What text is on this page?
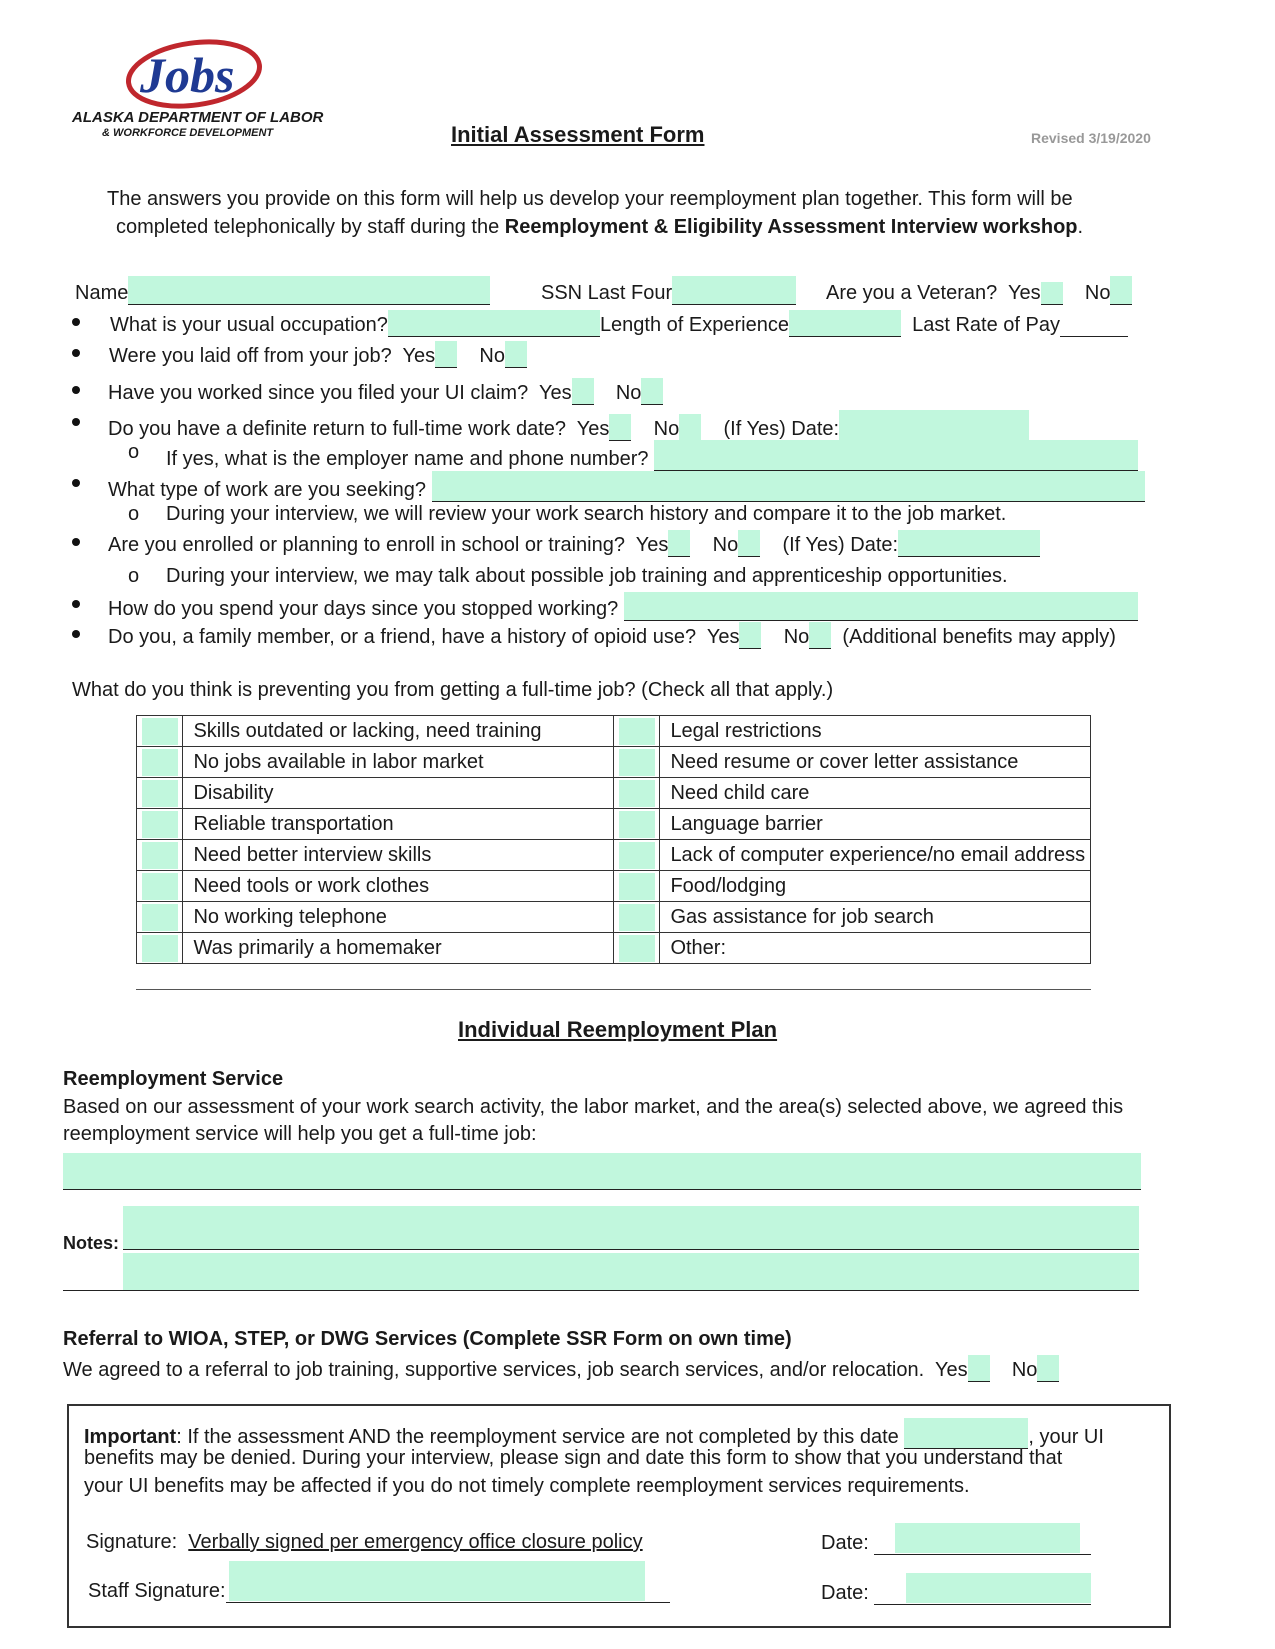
Jobs
ALASKA DEPARTMENT OF LABOR
& WORKFORCE DEVELOPMENT	Initial Assessment Form	Revised 3/19/2020
The answers you provide on this form will help us develop your reemployment plan together. This form will be
completed telephonically by staff during the Reemployment & Eligibility Assessment Interview workshop.
Name	SSN Last Four	Are you a Veteran? Yes No
What is your usual occupation?	Length of Experience	Last Rate of Pay
Were you laid off from your job? Yes No
Have you worked since you filed your UI claim? Yes No
Do you have a definite return to full-time work date? Yes No (If Yes) Date:
o If yes, what is the employer name and phone number?
What type of work are you seeking?
o During your interview, we will review your work search history and compare it to the job market.
Are you enrolled or planning to enroll in school or training? Yes No (If Yes) Date:
o During your interview, we may talk about possible job training and apprenticeship opportunities.
How do you spend your days since you stopped working?
Do you, a family member, or a friend, have a history of opioid use? Yes No (Additional benefits may apply)
What do you think is preventing you from getting a full-time job? (Check all that apply.)
	Skills outdated or lacking, need training		Legal restrictions

	No jobs available in labor market		Need resume or cover letter assistance

	Disability		Need child care

	Reliable transportation		Language barrier

	Need better interview skills		Lack of computer experience/no email address

	Need tools or work clothes		Food/lodging

	No working telephone		Gas assistance for job search

	Was primarily a homemaker		Other:
Individual Reemployment Plan
Reemployment Service
Based on our assessment of your work search activity, the labor market, and the area(s) selected above, we agreed this
reemployment service will help you get a full-time job:
Notes:
Referral to WIOA, STEP, or DWG Services (Complete SSR Form on own time)
We agreed to a referral to job training, supportive services, job search services, and/or relocation. Yes No
Important: If the assessment AND the reemployment service are not completed by this date	, your UI
benefits may be denied. During your interview, please sign and date this form to show that you understand that
your UI benefits may be affected if you do not timely complete reemployment services requirements.
Signature: Verbally signed per emergency office closure policy	Date:
Staff Signature:	Date:
